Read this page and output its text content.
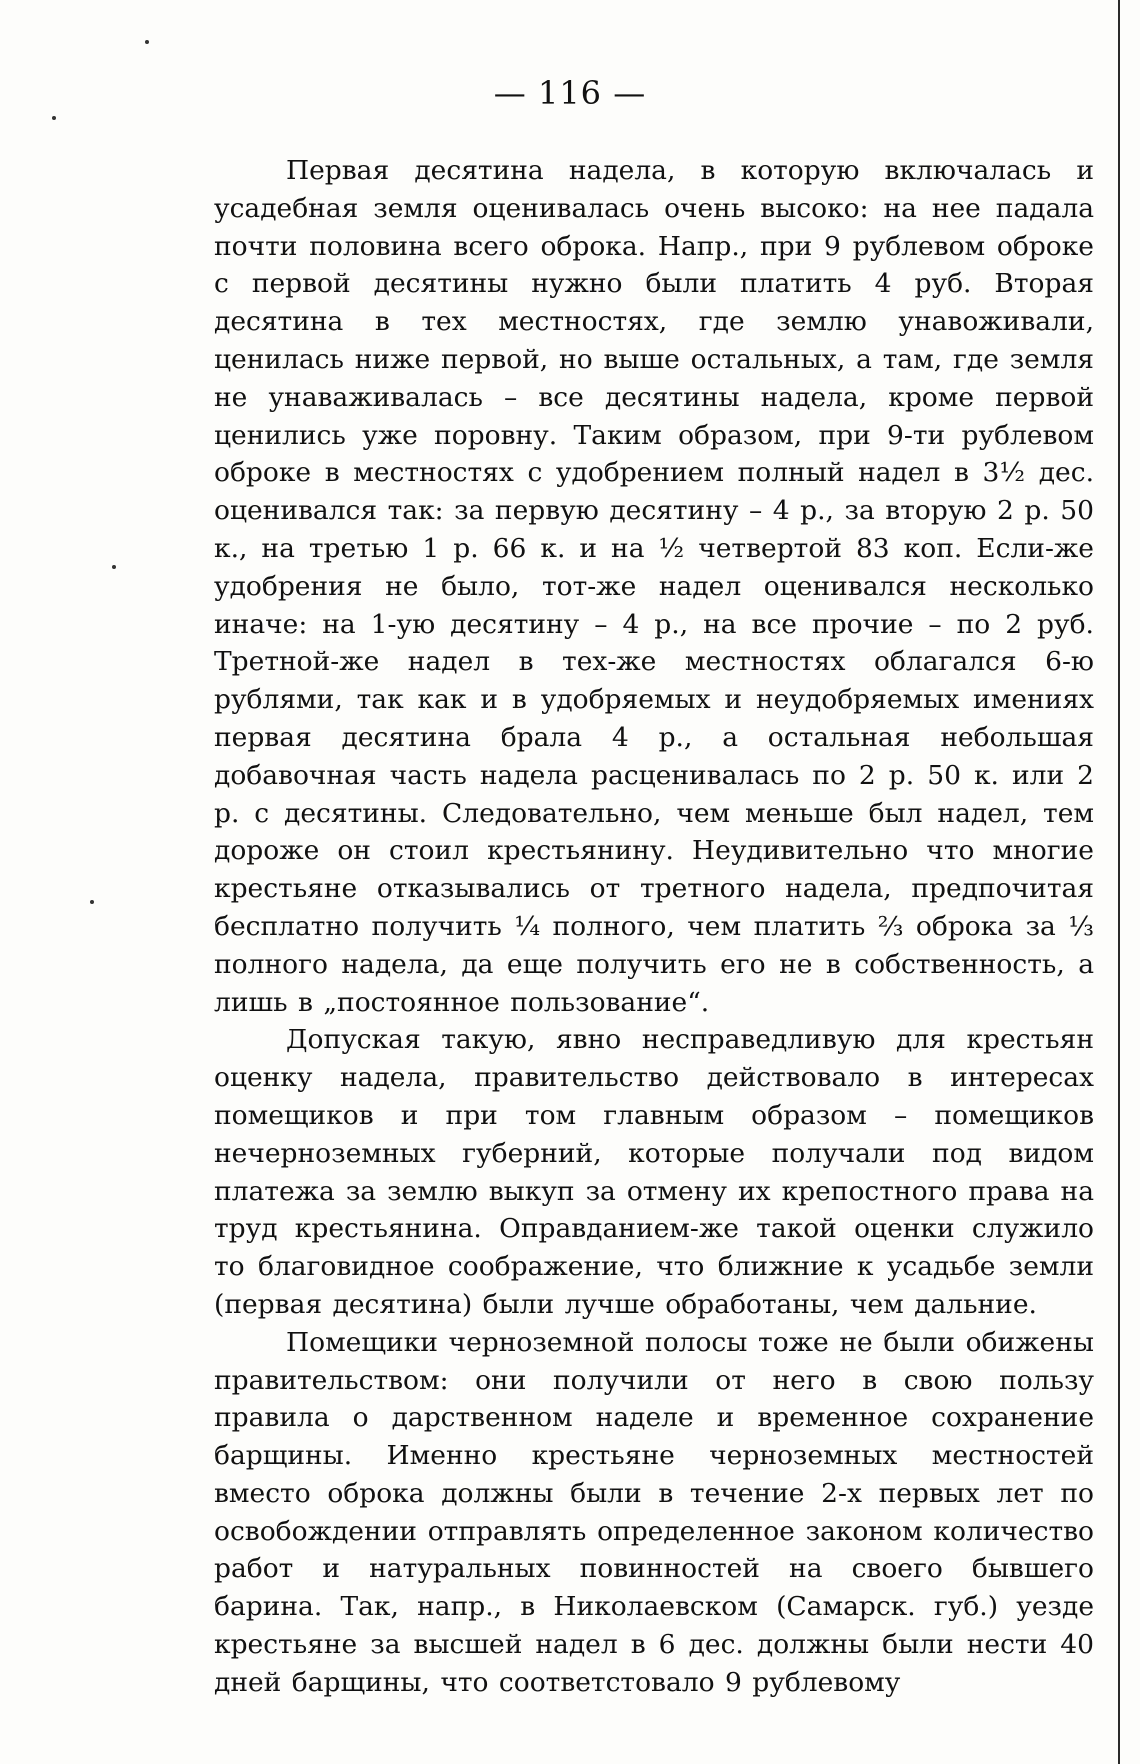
— 116 —

Первая десятина надела, в которую включалась и усадебная земля оценивалась очень высоко: на нее падала почти половина всего оброка. Напр., при 9 рублевом оброке с первой десятины нужно были платить 4 руб. Вторая десятина в тех местностях, где землю унавоживали, ценилась ниже первой, но выше остальных, а там, где земля не унаваживалась – все десятины надела, кроме первой ценились уже поровну. Таким образом, при 9-ти рублевом оброке в местностях с удобрением полный надел в 3½ дес. оценивался так: за первую десятину – 4 р., за вторую 2 р. 50 к., на третью 1 р. 66 к. и на ½ четвертой 83 коп. Если-же удобрения не было, тот-же надел оценивался несколько иначе: на 1-ую десятину – 4 р., на все прочие – по 2 руб. Третной-же надел в тех-же местностях облагался 6-ю рублями, так как и в удобряемых и неудобряемых имениях первая десятина брала 4 р., а остальная небольшая добавочная часть надела расценивалась по 2 р. 50 к. или 2 р. с десятины. Следовательно, чем меньше был надел, тем дороже он стоил крестьянину. Неудивительно что многие крестьяне отказывались от третного надела, предпочитая бесплатно получить ¼ полного, чем платить ⅔ оброка за ⅓ полного надела, да еще получить его не в собственность, а лишь в „постоянное пользование“.

Допуская такую, явно несправедливую для крестьян оценку надела, правительство действовало в интересах помещиков и при том главным образом – помещиков нечерноземных губерний, которые получали под видом платежа за землю выкуп за отмену их крепостного права на труд крестьянина. Оправданием-же такой оценки служило то благовидное соображение, что ближние к усадьбе земли (первая десятина) были лучше обработаны, чем дальние.

Помещики черноземной полосы тоже не были обижены правительством: они получили от него в свою пользу правила о дарственном наделе и временное сохранение барщины. Именно крестьяне черноземных местностей вместо оброка должны были в течение 2-х первых лет по освобождении отправлять определенное законом количество работ и натуральных повинностей на своего бывшего барина. Так, напр., в Николаевском (Самарск. губ.) уезде крестьяне за высшей надел в 6 дес. должны были нести 40 дней барщины, что соответстовало 9 рублевому
